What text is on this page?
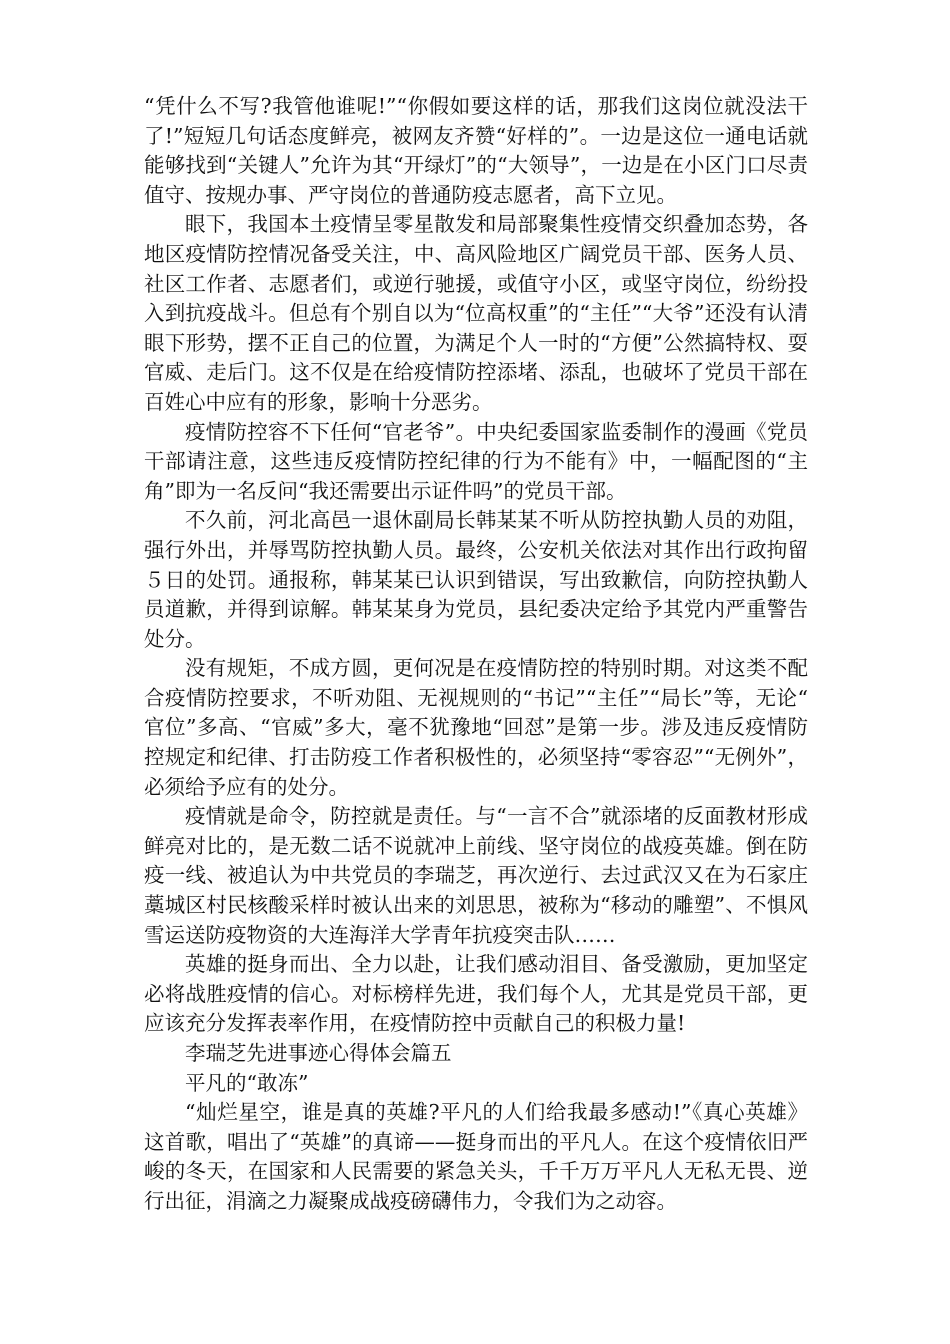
“凭什么不写?我管他谁呢!”“你假如要这样的话，那我们这岗位就没法干了!”短短几句话态度鲜亮，被网友齐赞“好样的”。一边是这位一通电话就能够找到“关键人”允许为其“开绿灯”的“大领导”，一边是在小区门口尽责值守、按规办事、严守岗位的普通防疫志愿者，高下立见。

眼下，我国本土疫情呈零星散发和局部聚集性疫情交织叠加态势，各地区疫情防控情况备受关注，中、高风险地区广阔党员干部、医务人员、社区工作者、志愿者们，或逆行驰援，或值守小区，或坚守岗位，纷纷投入到抗疫战斗。但总有个别自以为“位高权重”的“主任”“大爷”还没有认清眼下形势，摆不正自己的位置，为满足个人一时的“方便”公然搞特权、耍官威、走后门。这不仅是在给疫情防控添堵、添乱，也破坏了党员干部在百姓心中应有的形象，影响十分恶劣。

疫情防控容不下任何“官老爷”。中央纪委国家监委制作的漫画《党员干部请注意，这些违反疫情防控纪律的行为不能有》中，一幅配图的“主角”即为一名反问“我还需要出示证件吗”的党员干部。

不久前，河北高邑一退休副局长韩某某不听从防控执勤人员的劝阻，强行外出，并辱骂防控执勤人员。最终，公安机关依法对其作出行政拘留５日的处罚。通报称，韩某某已认识到错误，写出致歉信，向防控执勤人员道歉，并得到谅解。韩某某身为党员，县纪委决定给予其党内严重警告处分。

没有规矩，不成方圆，更何况是在疫情防控的特别时期。对这类不配合疫情防控要求，不听劝阻、无视规则的“书记”“主任”“局长”等，无论“官位”多高、“官威”多大，毫不犹豫地“回怼”是第一步。涉及违反疫情防控规定和纪律、打击防疫工作者积极性的，必须坚持“零容忍”“无例外”，必须给予应有的处分。

疫情就是命令，防控就是责任。与“一言不合”就添堵的反面教材形成鲜亮对比的，是无数二话不说就冲上前线、坚守岗位的战疫英雄。倒在防疫一线、被追认为中共党员的李瑞芝，再次逆行、去过武汉又在为石家庄藁城区村民核酸采样时被认出来的刘思思，被称为“移动的雕塑”、不惧风雪运送防疫物资的大连海洋大学青年抗疫突击队……

英雄的挺身而出、全力以赴，让我们感动泪目、备受激励，更加坚定必将战胜疫情的信心。对标榜样先进，我们每个人，尤其是党员干部，更应该充分发挥表率作用，在疫情防控中贡献自己的积极力量!

李瑞芝先进事迹心得体会篇五

平凡的“敢冻”

“灿烂星空，谁是真的英雄?平凡的人们给我最多感动!”《真心英雄》这首歌，唱出了“英雄”的真谛——挺身而出的平凡人。在这个疫情依旧严峻的冬天，在国家和人民需要的紧急关头，千千万万平凡人无私无畏、逆行出征，涓滴之力凝聚成战疫磅礴伟力，令我们为之动容。
